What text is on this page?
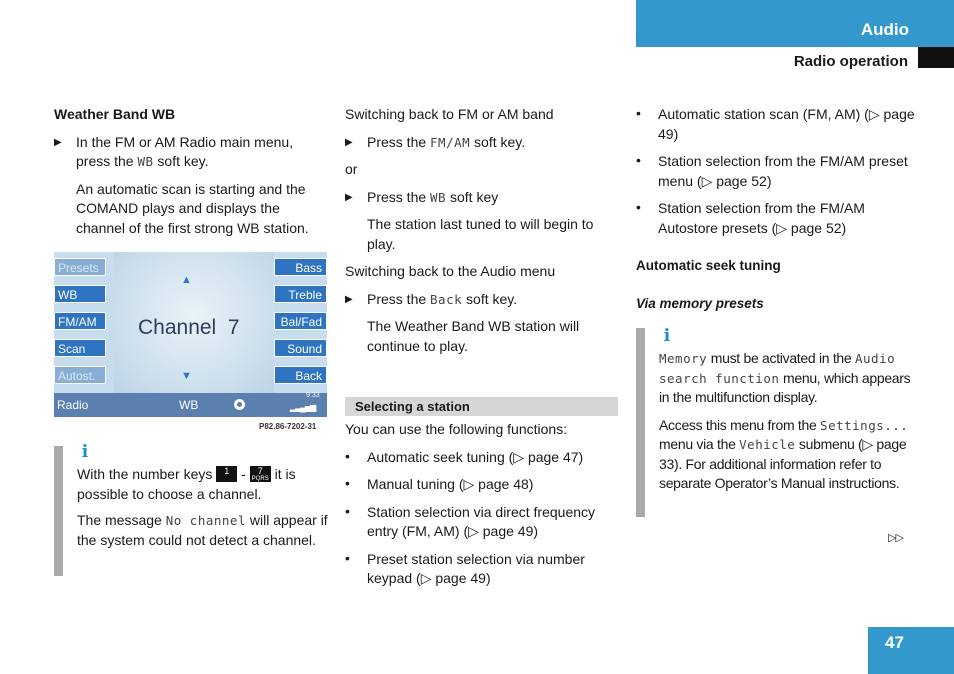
Audio
Radio operation

Weather Band WB

▶ In the FM or AM Radio main menu, press the WB soft key.

An automatic scan is starting and the COMAND plays and displays the channel of the first strong WB station.

Presets
WB
FM/AM
Scan
Autost.
Bass
Treble
Bal/Fad
Sound
Back
▲
▼
Channel  7
Radio	WB
9:33
▂▃▄▅▆
P82.86-7202-31
i

With the number keys 1 - 7
PQRS it is possible to choose a channel.

The message No channel will appear if the system could not detect a channel.

Switching back to FM or AM band

▶ Press the FM/AM soft key.

or

▶ Press the WB soft key

The station last tuned to will begin to play.

Switching back to the Audio menu

▶ Press the Back soft key.

The Weather Band WB station will continue to play.

Selecting a station

You can use the following functions:

• Automatic seek tuning (▷ page 47)

• Manual tuning (▷ page 48)

• Station selection via direct frequency entry (FM, AM) (▷ page 49)

• Preset station selection via number keypad (▷ page 49)

• Automatic station scan (FM, AM) (▷ page 49)

• Station selection from the FM/AM preset menu (▷ page 52)

• Station selection from the FM/AM Autostore presets (▷ page 52)

Automatic seek tuning

Via memory presets

i

Memory must be activated in the Audio search function menu, which appears in the multifunction display.

Access this menu from the Settings... menu via the Vehicle submenu (▷ page 33). For additional information refer to separate Operator’s Manual instructions.

▷▷
47
